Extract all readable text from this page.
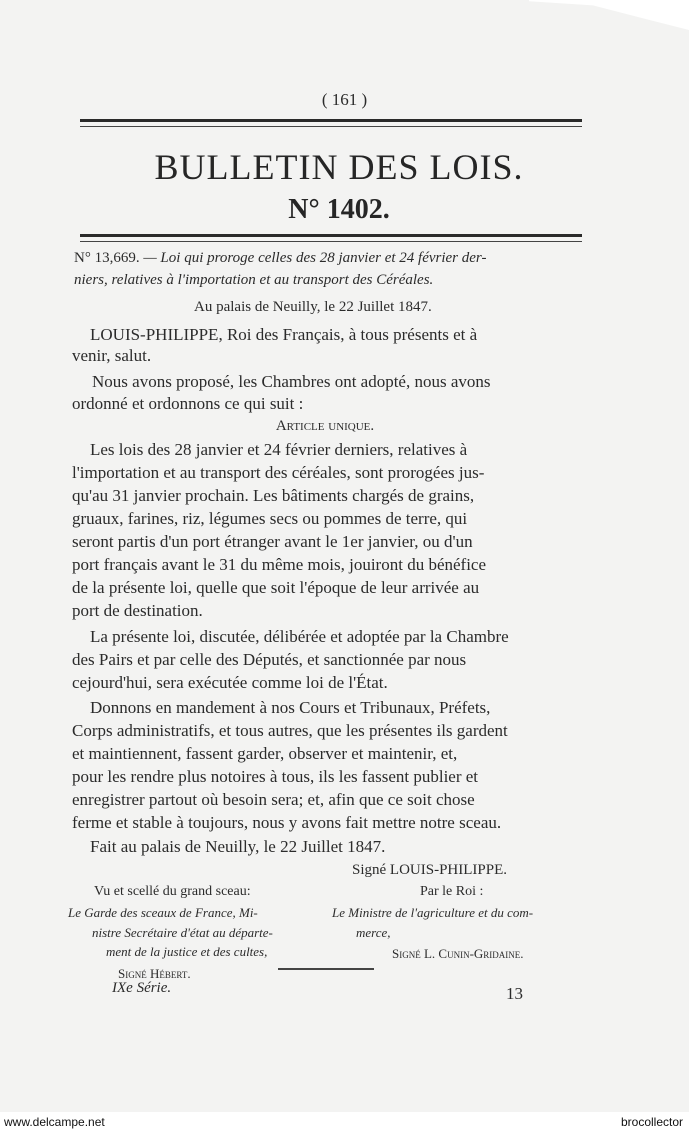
( 161 )
BULLETIN DES LOIS.
N° 1402.
N° 13,669. — Loi qui proroge celles des 28 janvier et 24 février der-
niers, relatives à l'importation et au transport des Céréales.
Au palais de Neuilly, le 22 Juillet 1847.
LOUIS-PHILIPPE, Roi des Français, à tous présents et à
venir, salut.
Nous avons proposé, les Chambres ont adopté, nous avons
ordonné et ordonnons ce qui suit :
Article unique.
Les lois des 28 janvier et 24 février derniers, relatives à
l'importation et au transport des céréales, sont prorogées jus-
qu'au 31 janvier prochain. Les bâtiments chargés de grains,
gruaux, farines, riz, légumes secs ou pommes de terre, qui
seront partis d'un port étranger avant le 1er janvier, ou d'un
port français avant le 31 du même mois, jouiront du bénéfice
de la présente loi, quelle que soit l'époque de leur arrivée au
port de destination.
La présente loi, discutée, délibérée et adoptée par la Chambre
des Pairs et par celle des Députés, et sanctionnée par nous
cejourd'hui, sera exécutée comme loi de l'État.
Donnons en mandement à nos Cours et Tribunaux, Préfets,
Corps administratifs, et tous autres, que les présentes ils gardent
et maintiennent, fassent garder, observer et maintenir, et,
pour les rendre plus notoires à tous, ils les fassent publier et
enregistrer partout où besoin sera; et, afin que ce soit chose
ferme et stable à toujours, nous y avons fait mettre notre sceau.
Fait au palais de Neuilly, le 22 Juillet 1847.
Signé LOUIS-PHILIPPE.
Vu et scellé du grand sceau:
Le Garde des sceaux de France, Mi-
nistre Secrétaire d'état au départe-
ment de la justice et des cultes,
Signé Hébert.
Par le Roi :
Le Ministre de l'agriculture et du com-
merce,
Signé L. Cunin-Gridaine.
IXe Série.	13
www.delcampe.net	brocollector
